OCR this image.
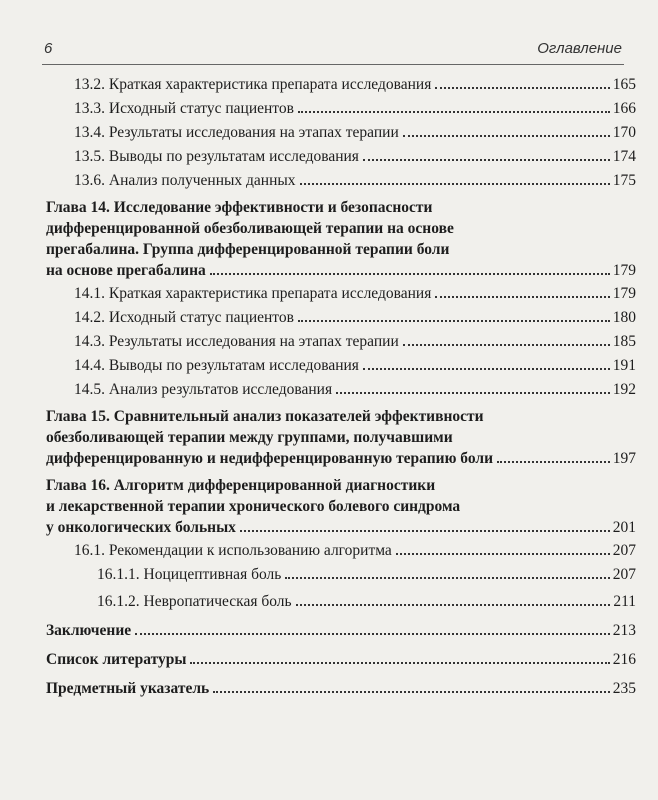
6	Оглавление
13.2. Краткая характеристика препарата исследования	165
13.3. Исходный статус пациентов	166
13.4. Результаты исследования на этапах терапии	170
13.5. Выводы по результатам исследования	174
13.6. Анализ полученных данных	175
Глава 14. Исследование эффективности и безопасности
дифференцированной обезболивающей терапии на основе
прегабалина. Группа дифференцированной терапии боли
на основе прегабалина	179
14.1. Краткая характеристика препарата исследования	179
14.2. Исходный статус пациентов	180
14.3. Результаты исследования на этапах терапии	185
14.4. Выводы по результатам исследования	191
14.5. Анализ результатов исследования	192
Глава 15. Сравнительный анализ показателей эффективности
обезболивающей терапии между группами, получавшими
дифференцированную и недифференцированную терапию боли	197
Глава 16. Алгоритм дифференцированной диагностики
и лекарственной терапии хронического болевого синдрома
у онкологических больных	201
16.1. Рекомендации к использованию алгоритма	207
16.1.1. Ноцицептивная боль	207
16.1.2. Невропатическая боль	211
Заключение	213
Список литературы	216
Предметный указатель	235
